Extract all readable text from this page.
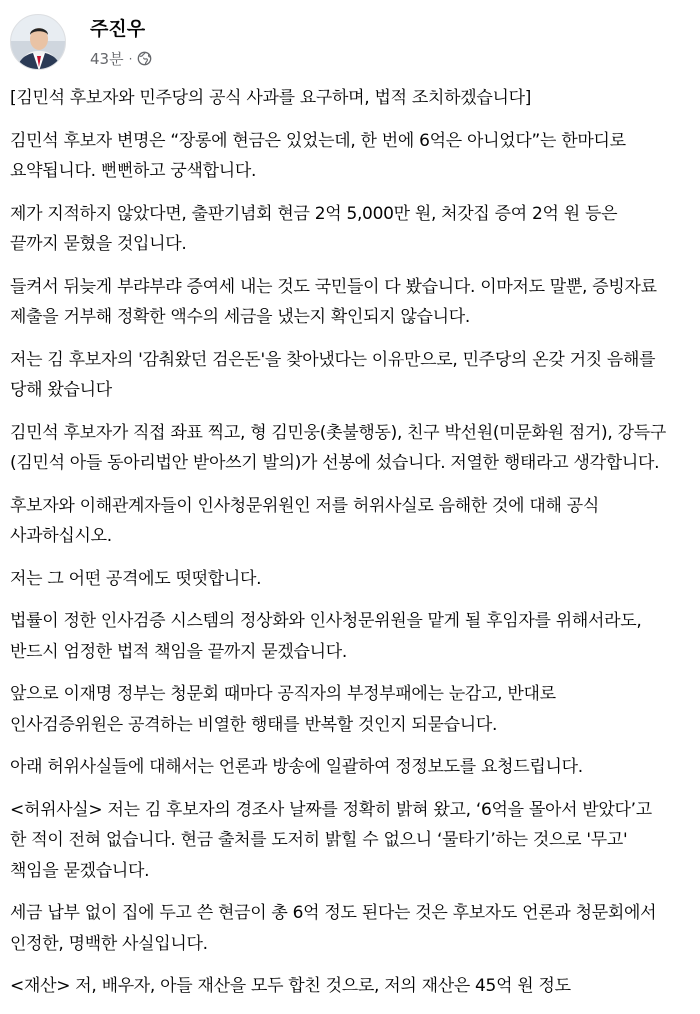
주진우
43분 ·

[김민석 후보자와 민주당의 공식 사과를 요구하며, 법적 조치하겠습니다]

김민석 후보자 변명은 “장롱에 현금은 있었는데, 한 번에 6억은 아니었다”는 한마디로 요약됩니다. 뻔뻔하고 궁색합니다.

제가 지적하지 않았다면, 출판기념회 현금 2억 5,000만 원, 처갓집 증여 2억 원 등은 끝까지 묻혔을 것입니다.

들켜서 뒤늦게 부랴부랴 증여세 내는 것도 국민들이 다 봤습니다. 이마저도 말뿐, 증빙자료 제출을 거부해 정확한 액수의 세금을 냈는지 확인되지 않습니다.

저는 김 후보자의 '감춰왔던 검은돈'을 찾아냈다는 이유만으로, 민주당의 온갖 거짓 음해를 당해 왔습니다

김민석 후보자가 직접 좌표 찍고, 형 김민웅(촛불행동), 친구 박선원(미문화원 점거), 강득구(김민석 아들 동아리법안 받아쓰기 발의)가 선봉에 섰습니다. 저열한 행태라고 생각합니다.

후보자와 이해관계자들이 인사청문위원인 저를 허위사실로 음해한 것에 대해 공식 사과하십시오.

저는 그 어떤 공격에도 떳떳합니다.

법률이 정한 인사검증 시스템의 정상화와 인사청문위원을 맡게 될 후임자를 위해서라도, 반드시 엄정한 법적 책임을 끝까지 묻겠습니다.

앞으로 이재명 정부는 청문회 때마다 공직자의 부정부패에는 눈감고, 반대로 인사검증위원은 공격하는 비열한 행태를 반복할 것인지 되묻습니다.

아래 허위사실들에 대해서는 언론과 방송에 일괄하여 정정보도를 요청드립니다.

<허위사실> 저는 김 후보자의 경조사 날짜를 정확히 밝혀 왔고, ‘6억을 몰아서 받았다’고 한 적이 전혀 없습니다. 현금 출처를 도저히 밝힐 수 없으니 ‘물타기’하는 것으로 '무고' 책임을 묻겠습니다.

세금 납부 없이 집에 두고 쓴 현금이 총 6억 정도 된다는 것은 후보자도 언론과 청문회에서 인정한, 명백한 사실입니다.

<재산> 저, 배우자, 아들 재산을 모두 합친 것으로, 저의 재산은 45억 원 정도
